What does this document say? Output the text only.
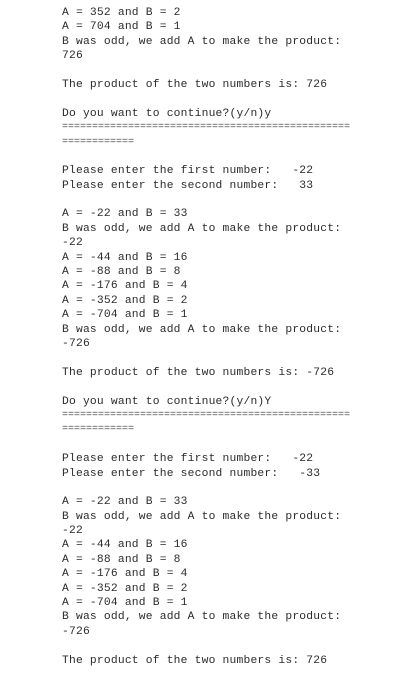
A = 352 and B = 2
A = 704 and B = 1
B was odd, we add A to make the product:
726
The product of the two numbers is: 726
Do you want to continue?(y/n)y
================================================
============
Please enter the first number:   -22
Please enter the second number:   33
A = -22 and B = 33
B was odd, we add A to make the product:
-22
A = -44 and B = 16
A = -88 and B = 8
A = -176 and B = 4
A = -352 and B = 2
A = -704 and B = 1
B was odd, we add A to make the product:
-726
The product of the two numbers is: -726
Do you want to continue?(y/n)Y
================================================
============
Please enter the first number:   -22
Please enter the second number:   -33
A = -22 and B = 33
B was odd, we add A to make the product:
-22
A = -44 and B = 16
A = -88 and B = 8
A = -176 and B = 4
A = -352 and B = 2
A = -704 and B = 1
B was odd, we add A to make the product:
-726
The product of the two numbers is: 726
